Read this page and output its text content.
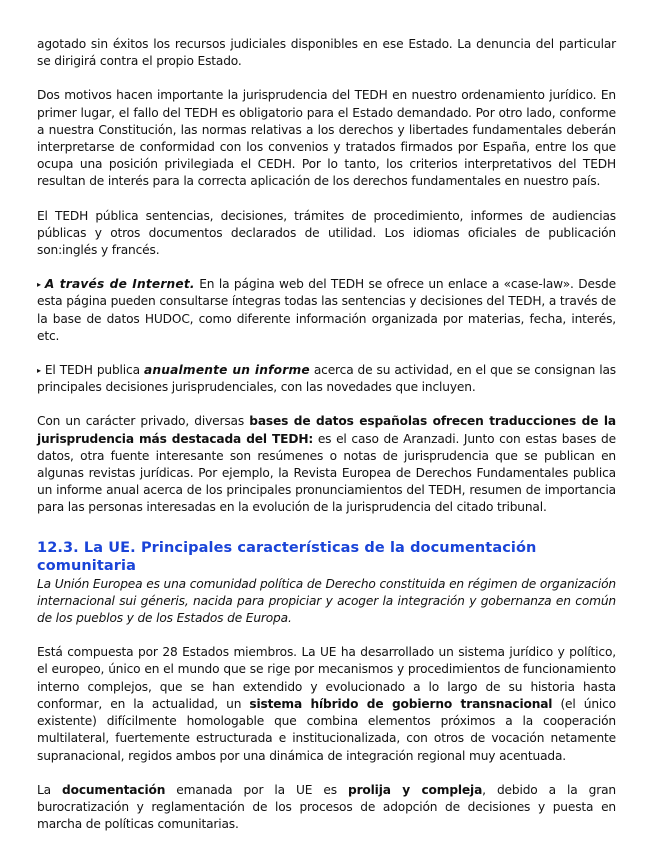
agotado sin éxitos los recursos judiciales disponibles en ese Estado. La denuncia del particular se dirigirá contra el propio Estado.

Dos motivos hacen importante la jurisprudencia del TEDH en nuestro ordenamiento jurídico. En primer lugar, el fallo del TEDH es obligatorio para el Estado demandado. Por otro lado, conforme a nuestra Constitución, las normas relativas a los derechos y libertades fundamentales deberán interpretarse de conformidad con los convenios y tratados firmados por España, entre los que ocupa una posición privilegiada el CEDH. Por lo tanto, los criterios interpretativos del TEDH resultan de interés para la correcta aplicación de los derechos fundamentales en nuestro país.

El TEDH pública sentencias, decisiones, trámites de procedimiento, informes de audiencias públicas y otros documentos declarados de utilidad. Los idiomas oficiales de publicación son:inglés y francés.

▸ A través de Internet. En la página web del TEDH se ofrece un enlace a «case-law». Desde esta página pueden consultarse íntegras todas las sentencias y decisiones del TEDH, a través de la base de datos HUDOC, como diferente información organizada por materias, fecha, interés, etc.

▸ El TEDH publica anualmente un informe acerca de su actividad, en el que se consignan las principales decisiones jurisprudenciales, con las novedades que incluyen.

Con un carácter privado, diversas bases de datos españolas ofrecen traducciones de la jurisprudencia más destacada del TEDH: es el caso de Aranzadi. Junto con estas bases de datos, otra fuente interesante son resúmenes o notas de jurisprudencia que se publican en algunas revistas jurídicas. Por ejemplo, la Revista Europea de Derechos Fundamentales publica un informe anual acerca de los principales pronunciamientos del TEDH, resumen de importancia para las personas interesadas en la evolución de la jurisprudencia del citado tribunal.

12.3. La UE. Principales características de la documentación comunitaria

La Unión Europea es una comunidad política de Derecho constituida en régimen de organización internacional sui géneris, nacida para propiciar y acoger la integración y gobernanza en común de los pueblos y de los Estados de Europa.

Está compuesta por 28 Estados miembros. La UE ha desarrollado un sistema jurídico y político, el europeo, único en el mundo que se rige por mecanismos y procedimientos de funcionamiento interno complejos, que se han extendido y evolucionado a lo largo de su historia hasta conformar, en la actualidad, un sistema híbrido de gobierno transnacional (el único existente) difícilmente homologable que combina elementos próximos a la cooperación multilateral, fuertemente estructurada e institucionalizada, con otros de vocación netamente supranacional, regidos ambos por una dinámica de integración regional muy acentuada.

La documentación emanada por la UE es prolija y compleja, debido a la gran burocratización y reglamentación de los procesos de adopción de decisiones y puesta en marcha de políticas comunitarias.
